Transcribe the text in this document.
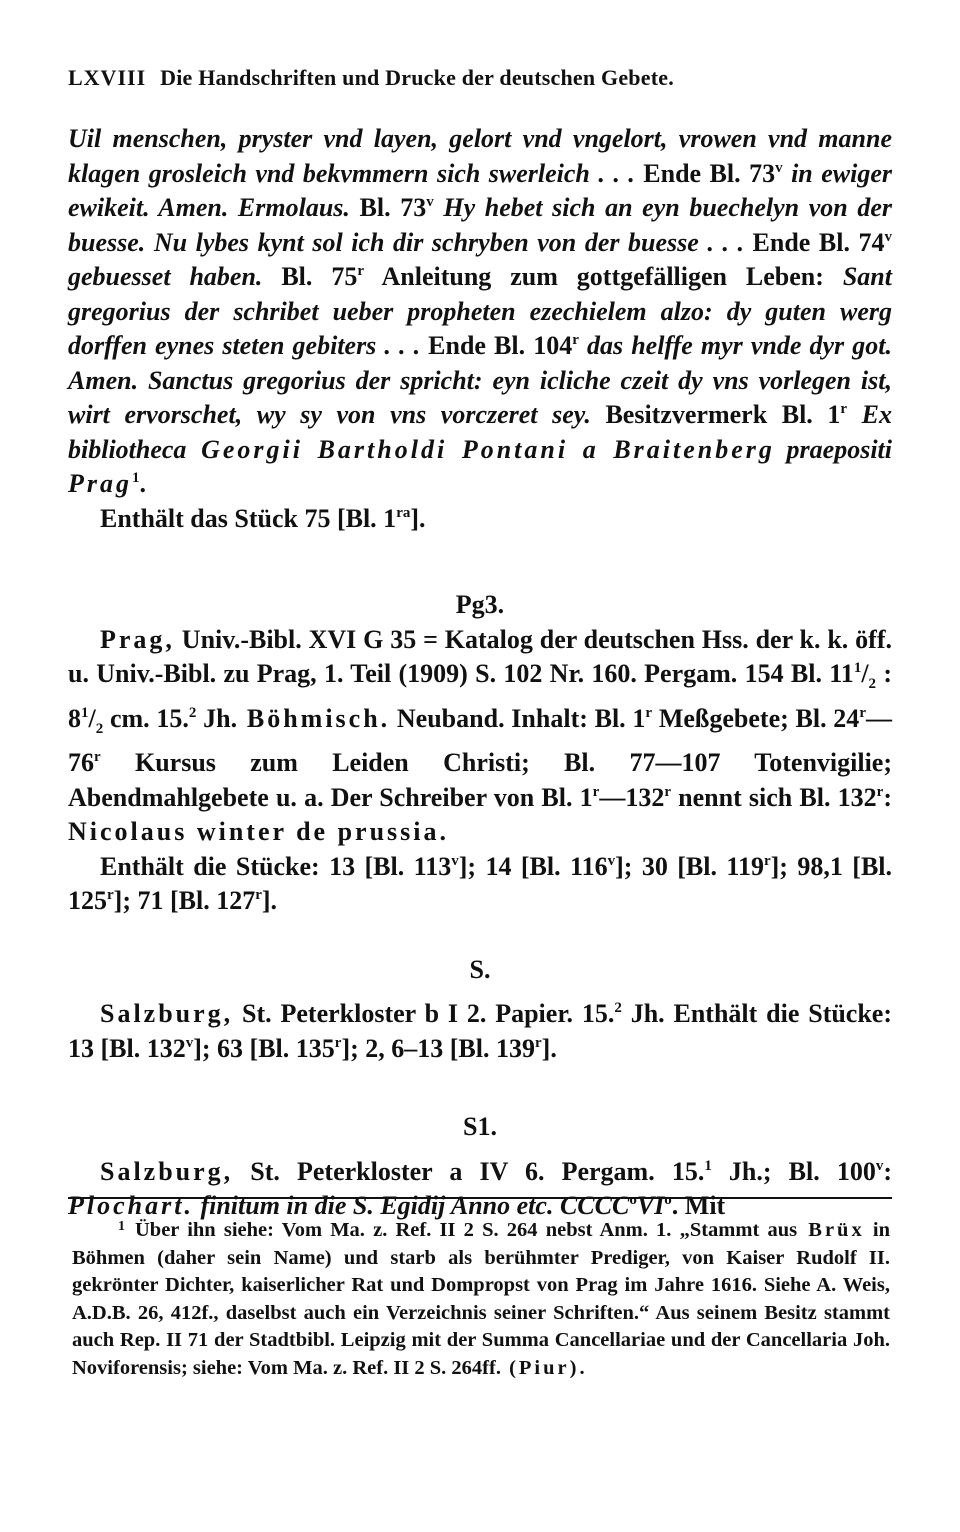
LXVIII Die Handschriften und Drucke der deutschen Gebete.

Uil menschen, pryster vnd layen, gelort vnd vngelort, vrowen vnd manne klagen grosleich vnd bekvmmern sich swerleich . . . Ende Bl. 73$^v$ in ewiger ewikeit. Amen. Ermolaus. Bl. 73$^v$ Hy hebet sich an eyn buechelyn von der buesse. Nu lybes kynt sol ich dir schryben von der buesse . . . Ende Bl. 74$^v$ gebuesset haben. Bl. 75$^r$ Anleitung zum gottgefälligen Leben: Sant gregorius der schribet ueber propheten ezechielem alzo: dy guten werg dorffen eynes steten gebiters . . . Ende Bl. 104$^r$ das helffe myr vnde dyr got. Amen. Sanctus gregorius der spricht: eyn icliche czeit dy vns vorlegen ist, wirt ervorschet, wy sy von vns vorczeret sey. Besitzvermerk Bl. 1$^r$ Ex bibliotheca Georgii Bartholdi Pontani a Braitenberg praepositi Prag$^1$.

Enthält das Stück 75 [Bl. $1^{ra}$].

Pg3.

Prag, Univ.-Bibl. XVI G 35 = Katalog der deutschen Hss. der k. k. öff. u. Univ.-Bibl. zu Prag, 1. Teil (1909) S. 102 Nr. 160. Pergam. 154 Bl. $11^1/_2$ : $8^1/_2$ cm. 15.$^2$ Jh. Böhmisch. Neuband. Inhalt: Bl. 1$^r$ Meßgebete; Bl. 24$^r$—76$^r$ Kursus zum Leiden Christi; Bl. 77—107 Totenvigilie; Abendmahlgebete u. a. Der Schreiber von Bl. 1$^r$—132$^r$ nennt sich Bl. 132$^r$: Nicolaus winter de prussia.

Enthält die Stücke: 13 [Bl. 113$^v$]; 14 [Bl. 116$^v$]; 30 [Bl. 119$^r$]; 98,1 [Bl. 125$^r$]; 71 [Bl. 127$^r$].

S.

Salzburg, St. Peterkloster b I 2. Papier. 15.$^2$ Jh. Enthält die Stücke: 13 [Bl. 132$^v$]; 63 [Bl. 135$^r$]; 2, 6–13 [Bl. 139$^r$].

S1.

Salzburg, St. Peterkloster a IV 6. Pergam. 15.$^1$ Jh.; Bl. 100$^v$: Plochart. finitum in die S. Egidij Anno etc. $CCCC^oVI^o$. Mit

$^1$ Über ihn siehe: Vom Ma. z. Ref. II 2 S. 264 nebst Anm. 1. „Stammt aus Brüx in Böhmen (daher sein Name) und starb als berühmter Prediger, von Kaiser Rudolf II. gekrönter Dichter, kaiserlicher Rat und Dompropst von Prag im Jahre 1616. Siehe A. Weis, A.D.B. 26, 412f., daselbst auch ein Verzeichnis seiner Schriften.“ Aus seinem Besitz stammt auch Rep. II 71 der Stadtbibl. Leipzig mit der Summa Cancellariae und der Cancellaria Joh. Noviforensis; siehe: Vom Ma. z. Ref. II 2 S. 264ff. (Piur).
